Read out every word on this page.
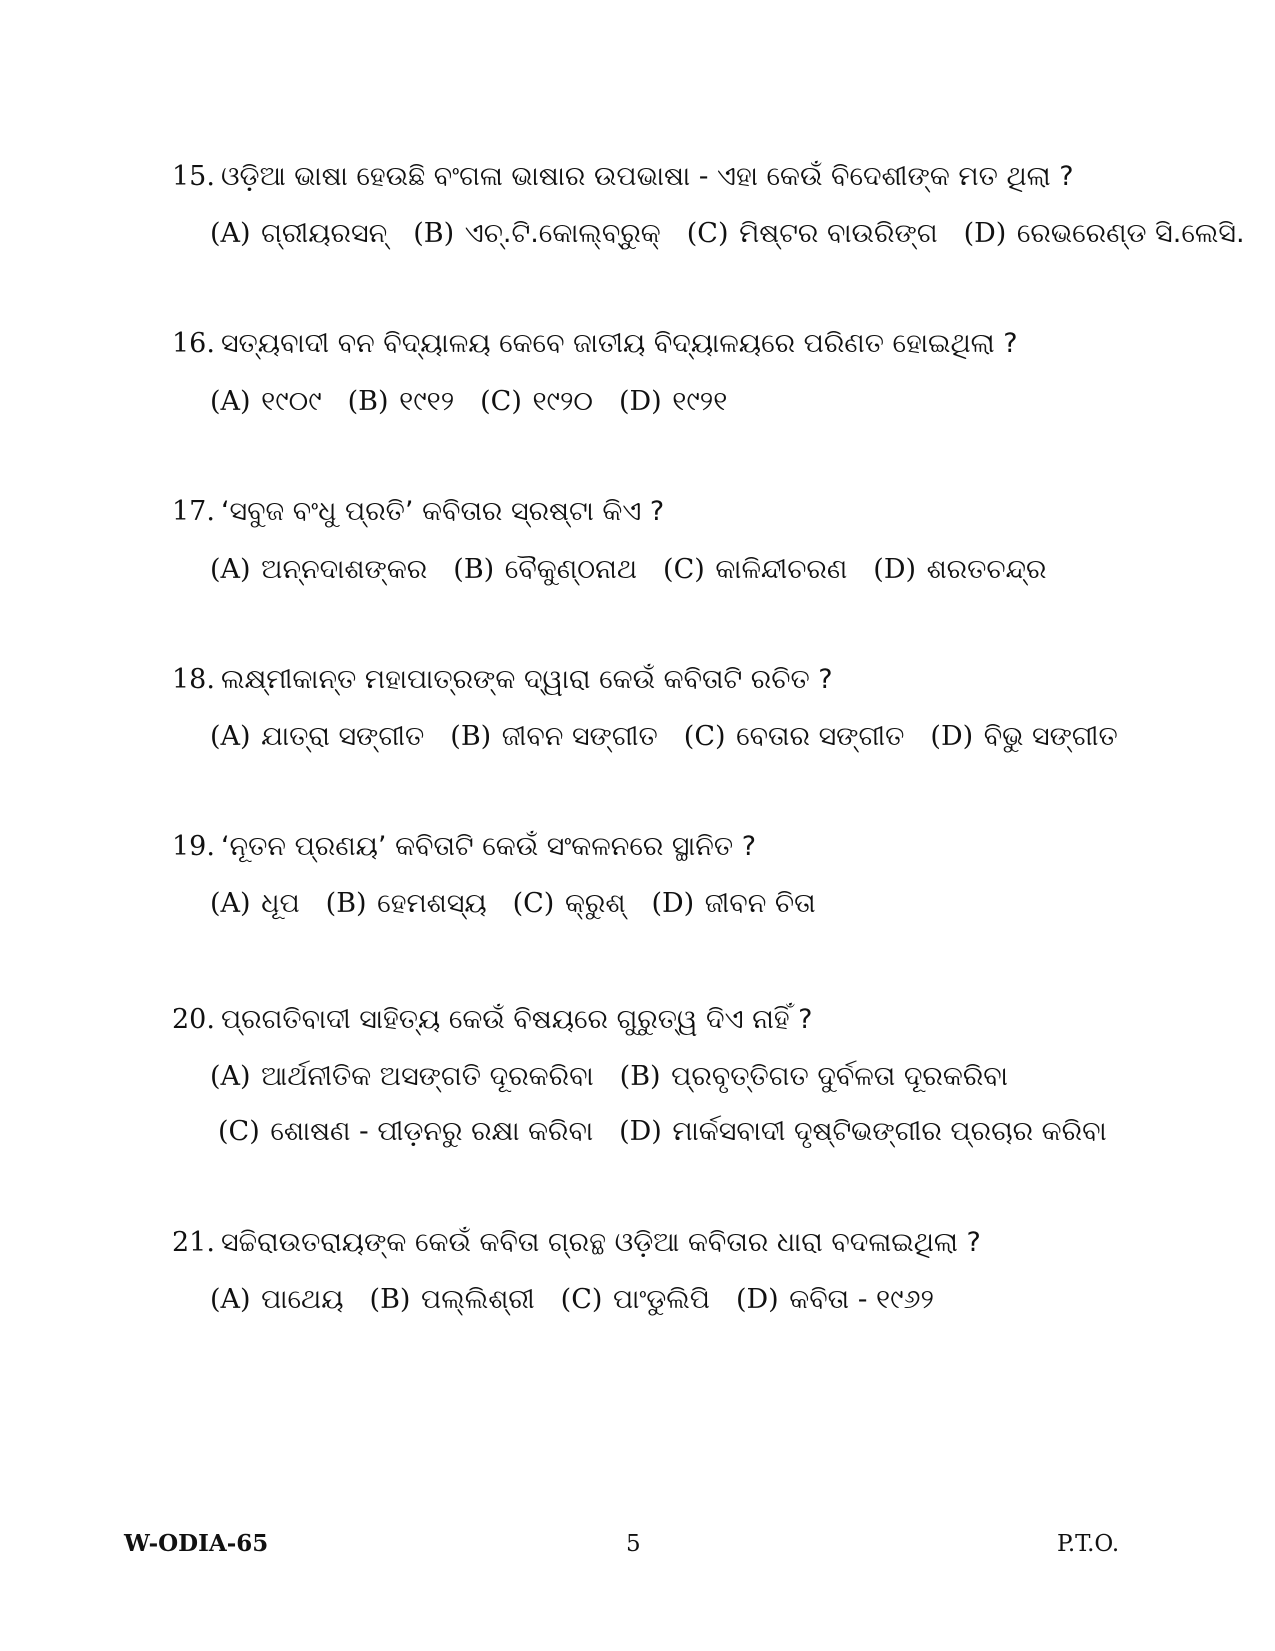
15. ଓଡ଼ିଆ ଭାଷା ହେଉଛି ବଂଗଳା ଭାଷାର ଉପଭାଷା - ଏହା କେଉଁ ବିଦେଶୀଙ୍କ ମତ ଥିଲା ?
(A) ଗ୍ରୀୟରସନ୍ (B) ଏଚ୍.ଟି.କୋଲ୍‌ବ୍ରୁକ୍ (C) ମିଷ୍ଟର ବାଉରିଙ୍ଗ (D) ରେଭରେଣ୍ଡ ସି.ଲେସି.
16. ସତ୍ୟବାଦୀ ବନ ବିଦ୍ୟାଳୟ କେବେ ଜାତୀୟ ବିଦ୍ୟାଳୟରେ ପରିଣତ ହୋଇଥିଲା ?
(A) ୧୯୦୯ (B) ୧୯୧୨ (C) ୧୯୨୦ (D) ୧୯୨୧
17. ‘ସବୁଜ ବଂଧୁ ପ୍ରତି’ କବିତାର ସ୍ରଷ୍ଟା କିଏ ?
(A) ଅନ୍ନଦାଶଙ୍କର (B) ବୈକୁଣ୍ଠନାଥ (C) କାଳିନ୍ଦୀଚରଣ (D) ଶରତଚନ୍ଦ୍ର
18. ଲକ୍ଷ୍ମୀକାନ୍ତ ମହାପାତ୍ରଙ୍କ ଦ୍ୱାରା କେଉଁ କବିତାଟି ରଚିତ ?
(A) ଯାତ୍ରା ସଙ୍ଗୀତ (B) ଜୀବନ ସଙ୍ଗୀତ (C) ବେତାର ସଙ୍ଗୀତ (D) ବିଭୁ ସଙ୍ଗୀତ
19. ‘ନୂତନ ପ୍ରଣୟ’ କବିତାଟି କେଉଁ ସଂକଳନରେ ସ୍ଥାନିତ ?
(A) ଧୂପ (B) ହେମଶସ୍ୟ (C) କ୍ରୁଶ୍ (D) ଜୀବନ ଚିତା
20. ପ୍ରଗତିବାଦୀ ସାହିତ୍ୟ କେଉଁ ବିଷୟରେ ଗୁରୁତ୍ୱ ଦିଏ ନାହିଁ ?
(A) ଆର୍ଥନୀତିକ ଅସଙ୍ଗତି ଦୂରକରିବା (B) ପ୍ରବୃତ୍ତିଗତ ଦୁର୍ବଳତା ଦୂରକରିବା
(C) ଶୋଷଣ - ପୀଡ଼ନରୁ ରକ୍ଷା କରିବା (D) ମାର୍କସବାଦୀ ଦୃଷ୍ଟିଭଙ୍ଗୀର ପ୍ରଚାର କରିବା
21. ସଚ୍ଚିରାଉତରାୟଙ୍କ କେଉଁ କବିତା ଗ୍ରନ୍ଥ ଓଡ଼ିଆ କବିତାର ଧାରା ବଦଳାଇଥିଲା ?
(A) ପାଥେୟ (B) ପଲ୍ଲିଶ୍ରୀ (C) ପାଂଡୁଲିପି (D) କବିତା - ୧୯୬୨
W-ODIA-65	5	P.T.O.
